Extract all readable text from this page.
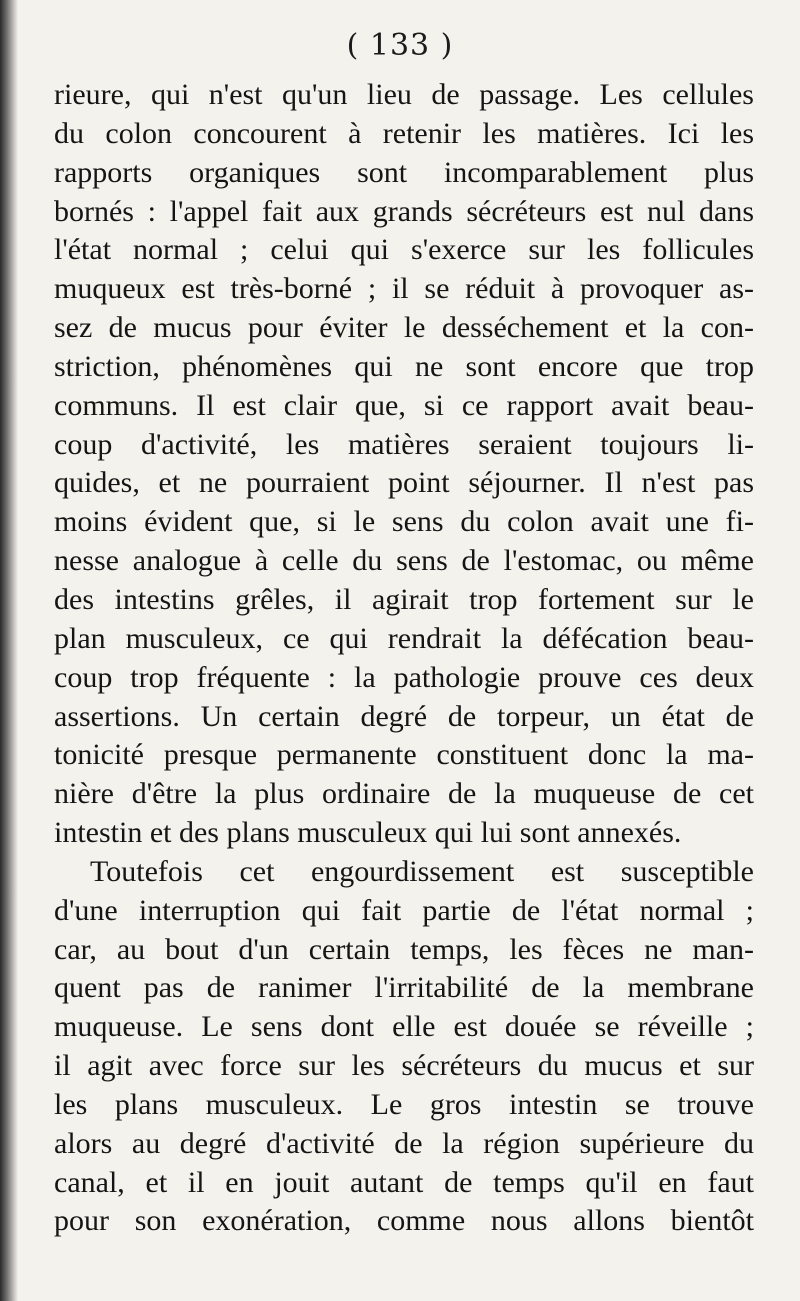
( 133 )
rieure, qui n'est qu'un lieu de passage. Les cellules
du colon concourent à retenir les matières. Ici les
rapports organiques sont incomparablement plus
bornés : l'appel fait aux grands sécréteurs est nul dans
l'état normal ; celui qui s'exerce sur les follicules
muqueux est très-borné ; il se réduit à provoquer as-
sez de mucus pour éviter le desséchement et la con-
striction, phénomènes qui ne sont encore que trop
communs. Il est clair que, si ce rapport avait beau-
coup d'activité, les matières seraient toujours li-
quides, et ne pourraient point séjourner. Il n'est pas
moins évident que, si le sens du colon avait une fi-
nesse analogue à celle du sens de l'estomac, ou même
des intestins grêles, il agirait trop fortement sur le
plan musculeux, ce qui rendrait la défécation beau-
coup trop fréquente : la pathologie prouve ces deux
assertions. Un certain degré de torpeur, un état de
tonicité presque permanente constituent donc la ma-
nière d'être la plus ordinaire de la muqueuse de cet
intestin et des plans musculeux qui lui sont annexés.
Toutefois cet engourdissement est susceptible
d'une interruption qui fait partie de l'état normal ;
car, au bout d'un certain temps, les fèces ne man-
quent pas de ranimer l'irritabilité de la membrane
muqueuse. Le sens dont elle est douée se réveille ;
il agit avec force sur les sécréteurs du mucus et sur
les plans musculeux. Le gros intestin se trouve
alors au degré d'activité de la région supérieure du
canal, et il en jouit autant de temps qu'il en faut
pour son exonération, comme nous allons bientôt
